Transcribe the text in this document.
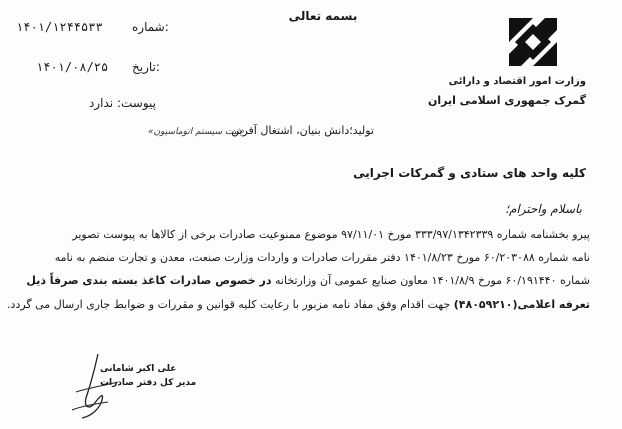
بسمه تعالی
۱۴۰۱/۱۲۴۴۵۳۳ شماره:
۱۴۰۱/۰۸/۲۵ تاریخ:
پیوست: ندارد
وزارت امور اقتصاد و دارائی
گمرک جمهوری اسلامی ایران
«ثبت سیستم اتوماسیون»
تولید؛دانش بنیان، اشتغال آفرین
کلیه واحد های ستادی و گمرکات اجرایی
باسلام واحترام؛
پیرو بخشنامه شماره ۳۳۳/۹۷/۱۳۴۲۳۳۹ مورخ ۹۷/۱۱/۰۱ موضوع ممنوعیت صادرات برخی از کالاها به پیوست تصویر
نامه شماره ۶۰/۲۰۳۰۸۸ مورخ ۱۴۰۱/۸/۲۳ دفتر مقررات صادرات و واردات وزارت صنعت، معدن و تجارت منضم به نامه
شماره ۶۰/۱۹۱۴۴۰ مورخ ۱۴۰۱/۸/۹ معاون صنایع عمومی آن وزارتخانه در خصوص صادرات کاغذ بسته بندی صرفاً ذیل
تعرفه اعلامی(۴۸۰۵۹۲۱۰) جهت اقدام وفق مفاد نامه مزبور با رعایت کلیه قوانین و مقررات و ضوابط جاری ارسال می گردد.
علی اکبر شامانی
مدیر کل دفتر صادرات
